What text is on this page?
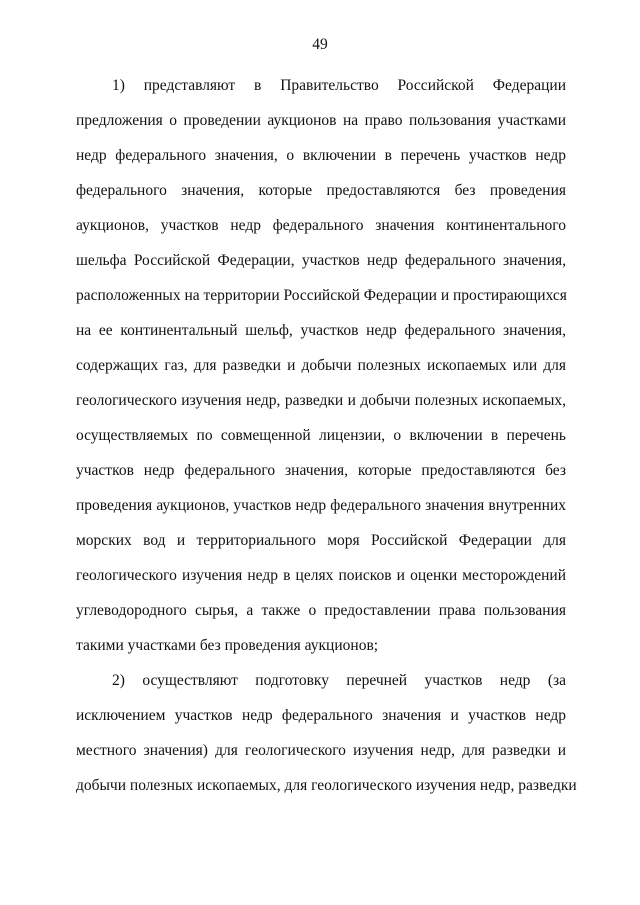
49
1) представляют в Правительство Российской Федерации
предложения о проведении аукционов на право пользования участками
недр федерального значения, о включении в перечень участков недр
федерального значения, которые предоставляются без проведения
аукционов, участков недр федерального значения континентального
шельфа Российской Федерации, участков недр федерального значения,
расположенных на территории Российской Федерации и простирающихся
на ее континентальный шельф, участков недр федерального значения,
содержащих газ, для разведки и добычи полезных ископаемых или для
геологического изучения недр, разведки и добычи полезных ископаемых,
осуществляемых по совмещенной лицензии, о включении в перечень
участков недр федерального значения, которые предоставляются без
проведения аукционов, участков недр федерального значения внутренних
морских вод и территориального моря Российской Федерации для
геологического изучения недр в целях поисков и оценки месторождений
углеводородного сырья, а также о предоставлении права пользования
такими участками без проведения аукционов;
2) осуществляют подготовку перечней участков недр (за
исключением участков недр федерального значения и участков недр
местного значения) для геологического изучения недр, для разведки и
добычи полезных ископаемых, для геологического изучения недр, разведки
